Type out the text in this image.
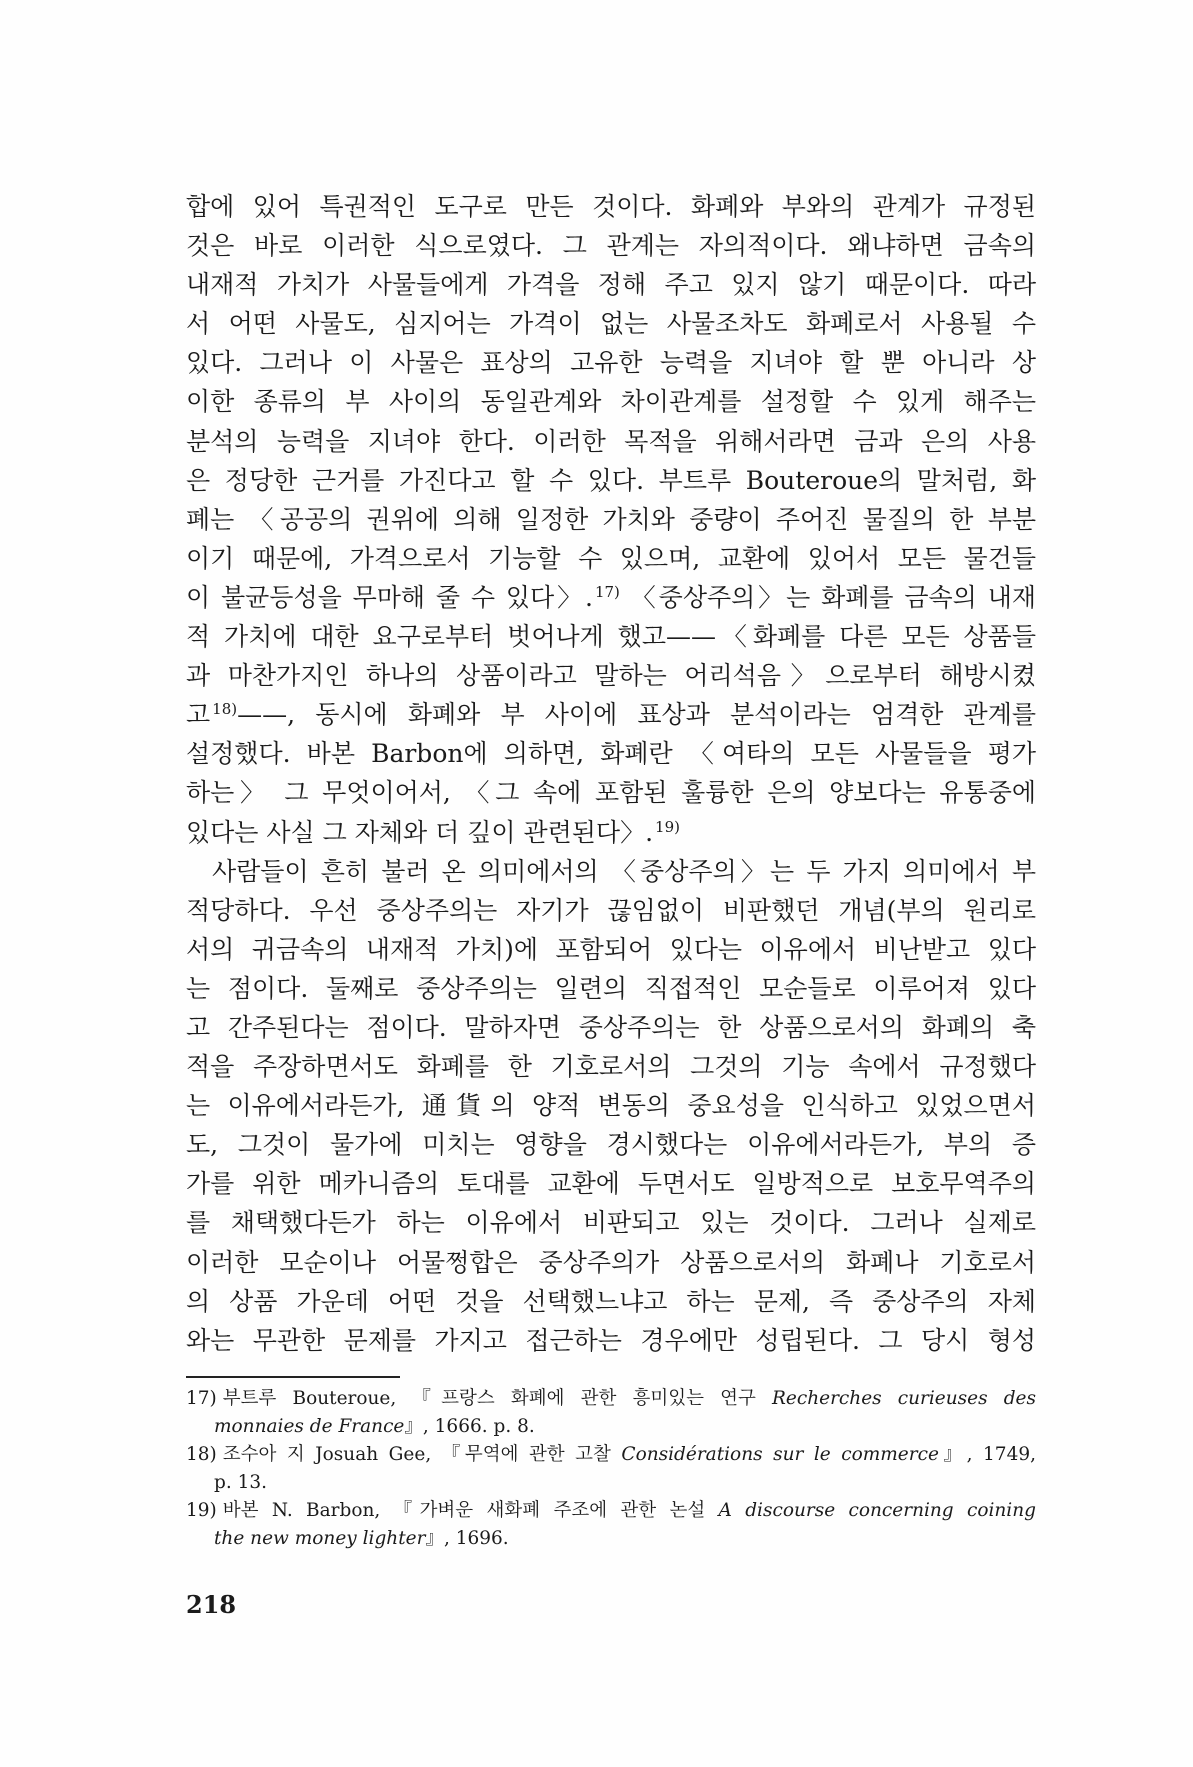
합에 있어 특권적인 도구로 만든 것이다. 화폐와 부와의 관계가 규정된
것은 바로 이러한 식으로였다. 그 관계는 자의적이다. 왜냐하면 금속의
내재적 가치가 사물들에게 가격을 정해 주고 있지 않기 때문이다. 따라
서 어떤 사물도, 심지어는 가격이 없는 사물조차도 화폐로서 사용될 수
있다. 그러나 이 사물은 표상의 고유한 능력을 지녀야 할 뿐 아니라 상
이한 종류의 부 사이의 동일관계와 차이관계를 설정할 수 있게 해주는
분석의 능력을 지녀야 한다. 이러한 목적을 위해서라면 금과 은의 사용
은 정당한 근거를 가진다고 할 수 있다. 부트루 Bouteroue의 말처럼, 화
폐는 〈공공의 권위에 의해 일정한 가치와 중량이 주어진 물질의 한 부분
이기 때문에, 가격으로서 기능할 수 있으며, 교환에 있어서 모든 물건들
이 불균등성을 무마해 줄 수 있다〉. $^{17)}$ 〈중상주의〉는 화폐를 금속의 내재
적 가치에 대한 요구로부터 벗어나게 했고——〈화폐를 다른 모든 상품들
과 마찬가지인 하나의 상품이라고 말하는 어리석음〉으로부터 해방시켰
고 $^{18)}$——, 동시에 화폐와 부 사이에 표상과 분석이라는 엄격한 관계를
설정했다. 바본 Barbon에 의하면, 화폐란 〈여타의 모든 사물들을 평가
하는〉 그 무엇이어서, 〈그 속에 포함된 훌륭한 은의 양보다는 유통중에
있다는 사실 그 자체와 더 깊이 관련된다〉. $^{19)}$
사람들이 흔히 불러 온 의미에서의 〈중상주의〉는 두 가지 의미에서 부
적당하다. 우선 중상주의는 자기가 끊임없이 비판했던 개념(부의 원리로
서의 귀금속의 내재적 가치)에 포함되어 있다는 이유에서 비난받고 있다
는 점이다. 둘째로 중상주의는 일련의 직접적인 모순들로 이루어져 있다
고 간주된다는 점이다. 말하자면 중상주의는 한 상품으로서의 화폐의 축
적을 주장하면서도 화폐를 한 기호로서의 그것의 기능 속에서 규정했다
는 이유에서라든가, 通貨의 양적 변동의 중요성을 인식하고 있었으면서
도, 그것이 물가에 미치는 영향을 경시했다는 이유에서라든가, 부의 증
가를 위한 메카니즘의 토대를 교환에 두면서도 일방적으로 보호무역주의
를 채택했다든가 하는 이유에서 비판되고 있는 것이다. 그러나 실제로
이러한 모순이나 어물쩡합은 중상주의가 상품으로서의 화폐나 기호로서
의 상품 가운데 어떤 것을 선택했느냐고 하는 문제, 즉 중상주의 자체
와는 무관한 문제를 가지고 접근하는 경우에만 성립된다. 그 당시 형성
17) 부트루 Bouteroue, 『프랑스 화폐에 관한 흥미있는 연구 Recherches curieuses des
monnaies de France』, 1666. p. 8.
18) 조수아 지 Josuah Gee, 『무역에 관한 고찰 Considérations sur le commerce』, 1749,
p. 13.
19) 바본 N. Barbon, 『가벼운 새화폐 주조에 관한 논설 A discourse concerning coining
the new money lighter』, 1696.
218
